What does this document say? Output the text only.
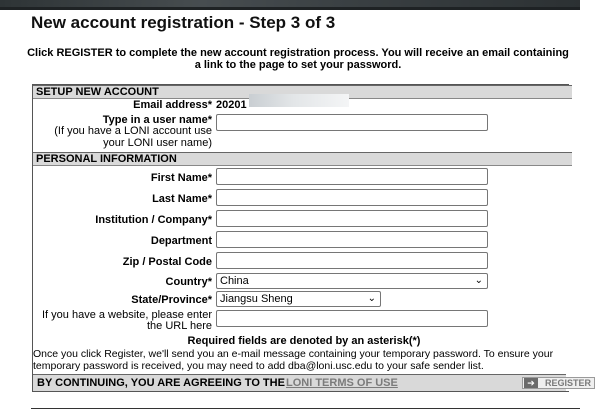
New account registration - Step 3 of 3
Click REGISTER to complete the new account registration process. You will receive an email containing a link to the page to set your password.
SETUP NEW ACCOUNT
Email address* 20201
Type in a user name*
(If you have a LONI account use
your LONI user name)
PERSONAL INFORMATION
First Name*
Last Name*
Institution / Company*
Department
Zip / Postal Code
Country* China	⌄
State/Province* Jiangsu Sheng	⌄
If you have a website, please enter
the URL here
Required fields are denoted by an asterisk(*)
Once you click Register, we'll send you an e-mail message containing your temporary password. To ensure your temporary password is received, you may need to add dba@loni.usc.edu to your safe sender list.
BY CONTINUING, YOU ARE AGREEING TO THE LONI TERMS OF USE	➔	REGISTER
